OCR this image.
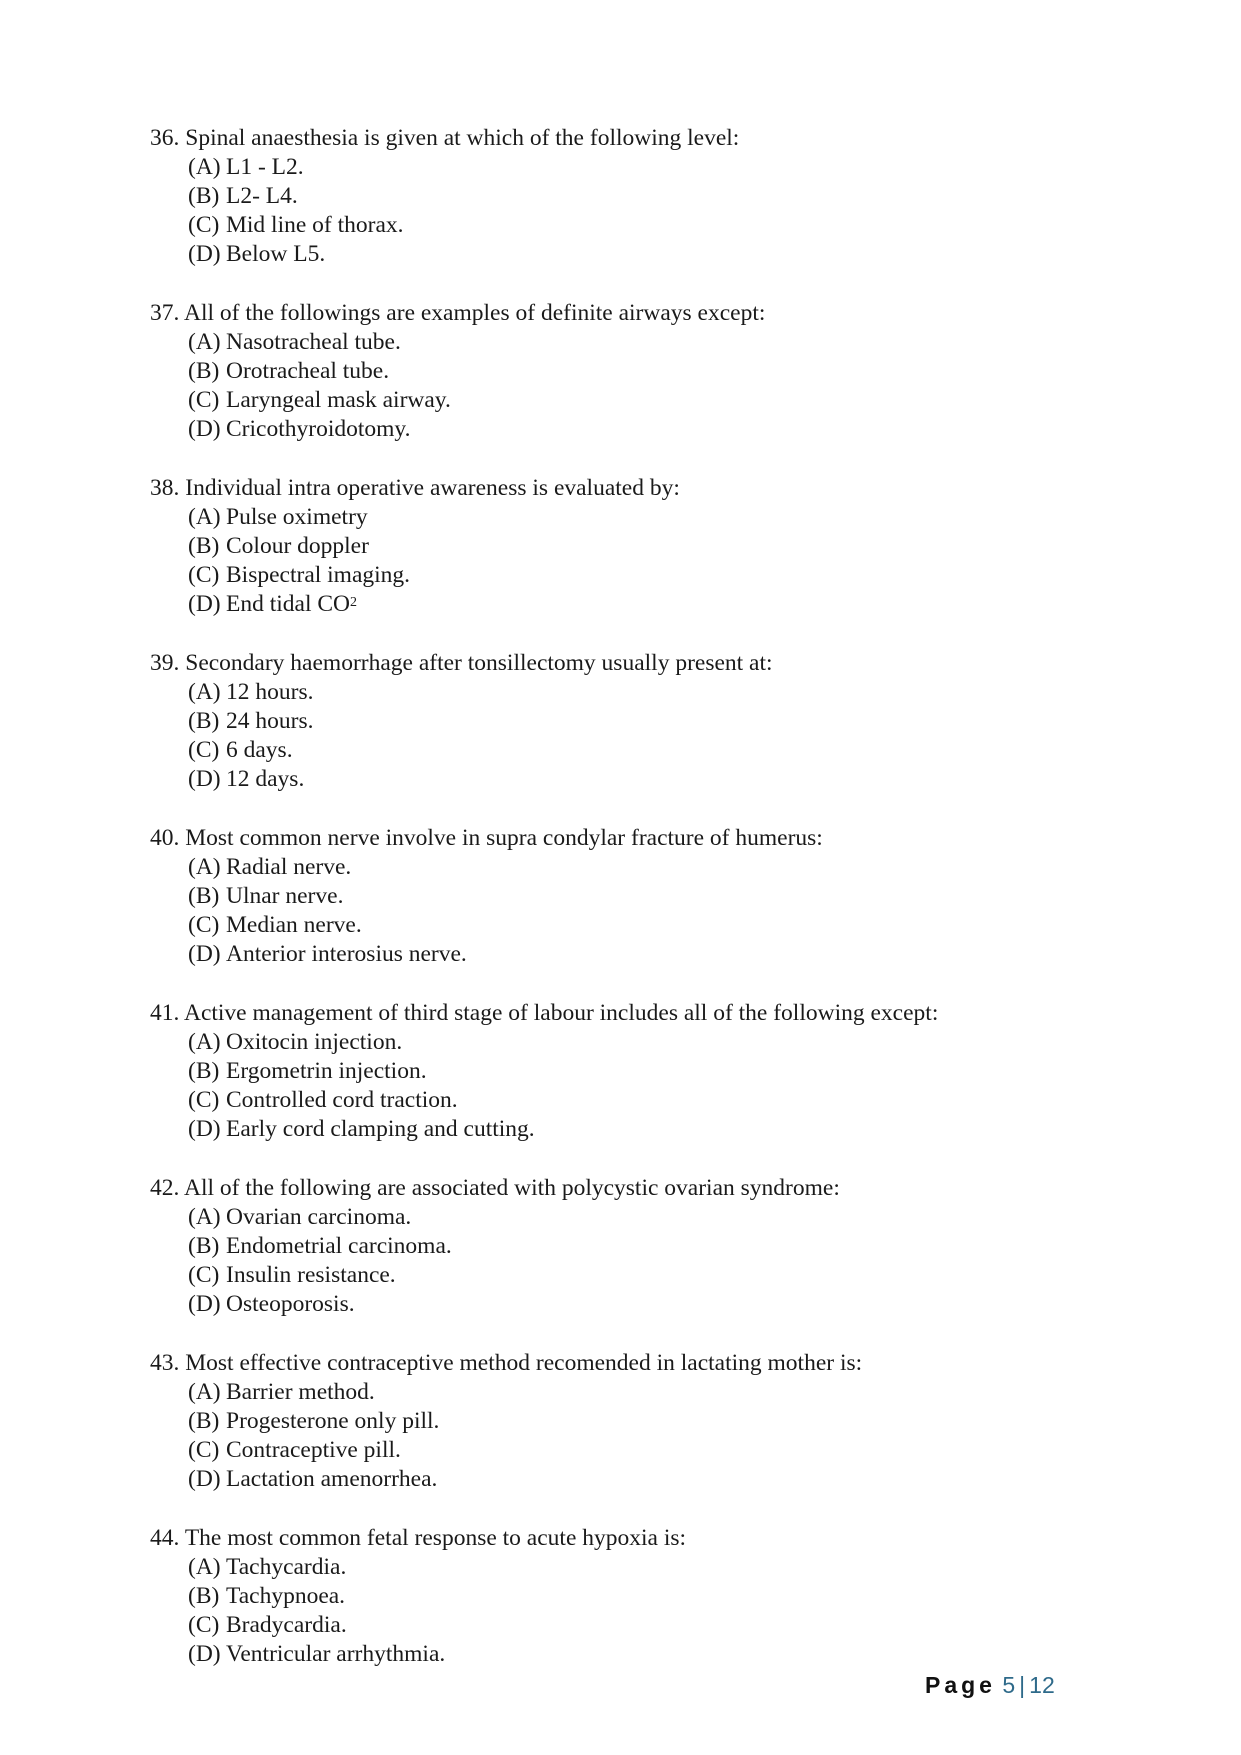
36. Spinal anaesthesia is given at which of the following level:
(A) L1 - L2.
(B) L2- L4.
(C) Mid line of thorax.
(D) Below L5.
37. All of the followings are examples of definite airways except:
(A) Nasotracheal tube.
(B) Orotracheal tube.
(C) Laryngeal mask airway.
(D) Cricothyroidotomy.
38. Individual intra operative awareness is evaluated by:
(A) Pulse oximetry
(B) Colour doppler
(C) Bispectral imaging.
(D) End tidal $CO^2$
39. Secondary haemorrhage after tonsillectomy usually present at:
(A) 12 hours.
(B) 24 hours.
(C) 6 days.
(D) 12 days.
40. Most common nerve involve in supra condylar fracture of humerus:
(A) Radial nerve.
(B) Ulnar nerve.
(C) Median nerve.
(D) Anterior interosius nerve.
41. Active management of third stage of labour includes all of the following except:
(A) Oxitocin injection.
(B) Ergometrin injection.
(C) Controlled cord traction.
(D) Early cord clamping and cutting.
42. All of the following are associated with polycystic ovarian syndrome:
(A) Ovarian carcinoma.
(B) Endometrial carcinoma.
(C) Insulin resistance.
(D) Osteoporosis.
43. Most effective contraceptive method recomended in lactating mother is:
(A) Barrier method.
(B) Progesterone only pill.
(C) Contraceptive pill.
(D) Lactation amenorrhea.
44. The most common fetal response to acute hypoxia is:
(A) Tachycardia.
(B) Tachypnoea.
(C) Bradycardia.
(D) Ventricular arrhythmia.
Page 5 | 12
